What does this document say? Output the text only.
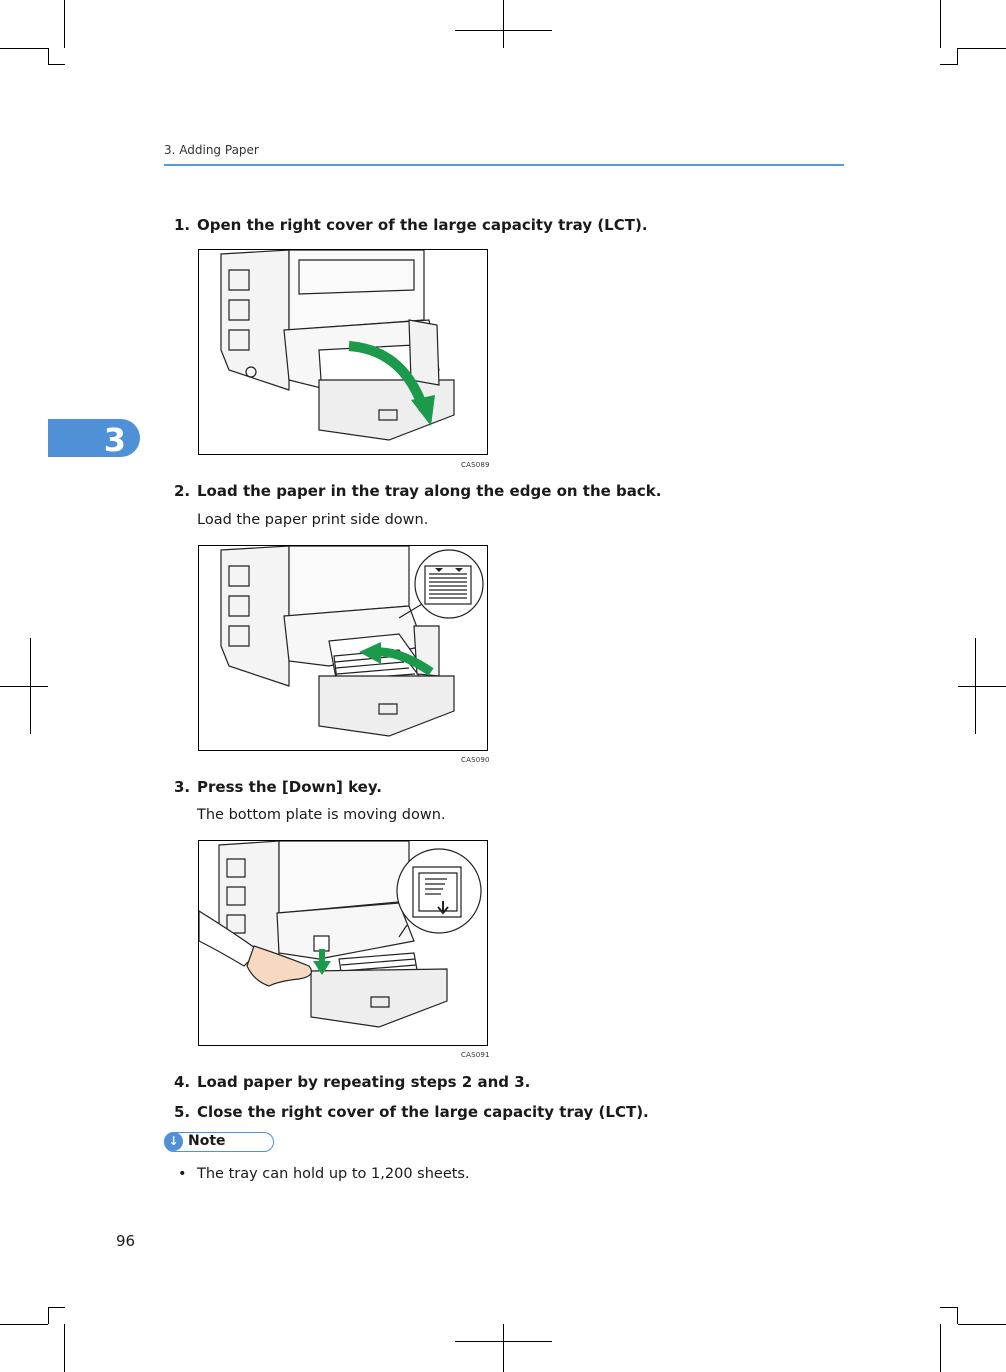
3. Adding Paper
3
1. Open the right cover of the large capacity tray (LCT).
CAS089
2. Load the paper in the tray along the edge on the back.
Load the paper print side down.
CAS090
3. Press the [Down] key.
The bottom plate is moving down.
CAS091
4. Load paper by repeating steps 2 and 3.
5. Close the right cover of the large capacity tray (LCT).
↓ Note
• The tray can hold up to 1,200 sheets.
96
